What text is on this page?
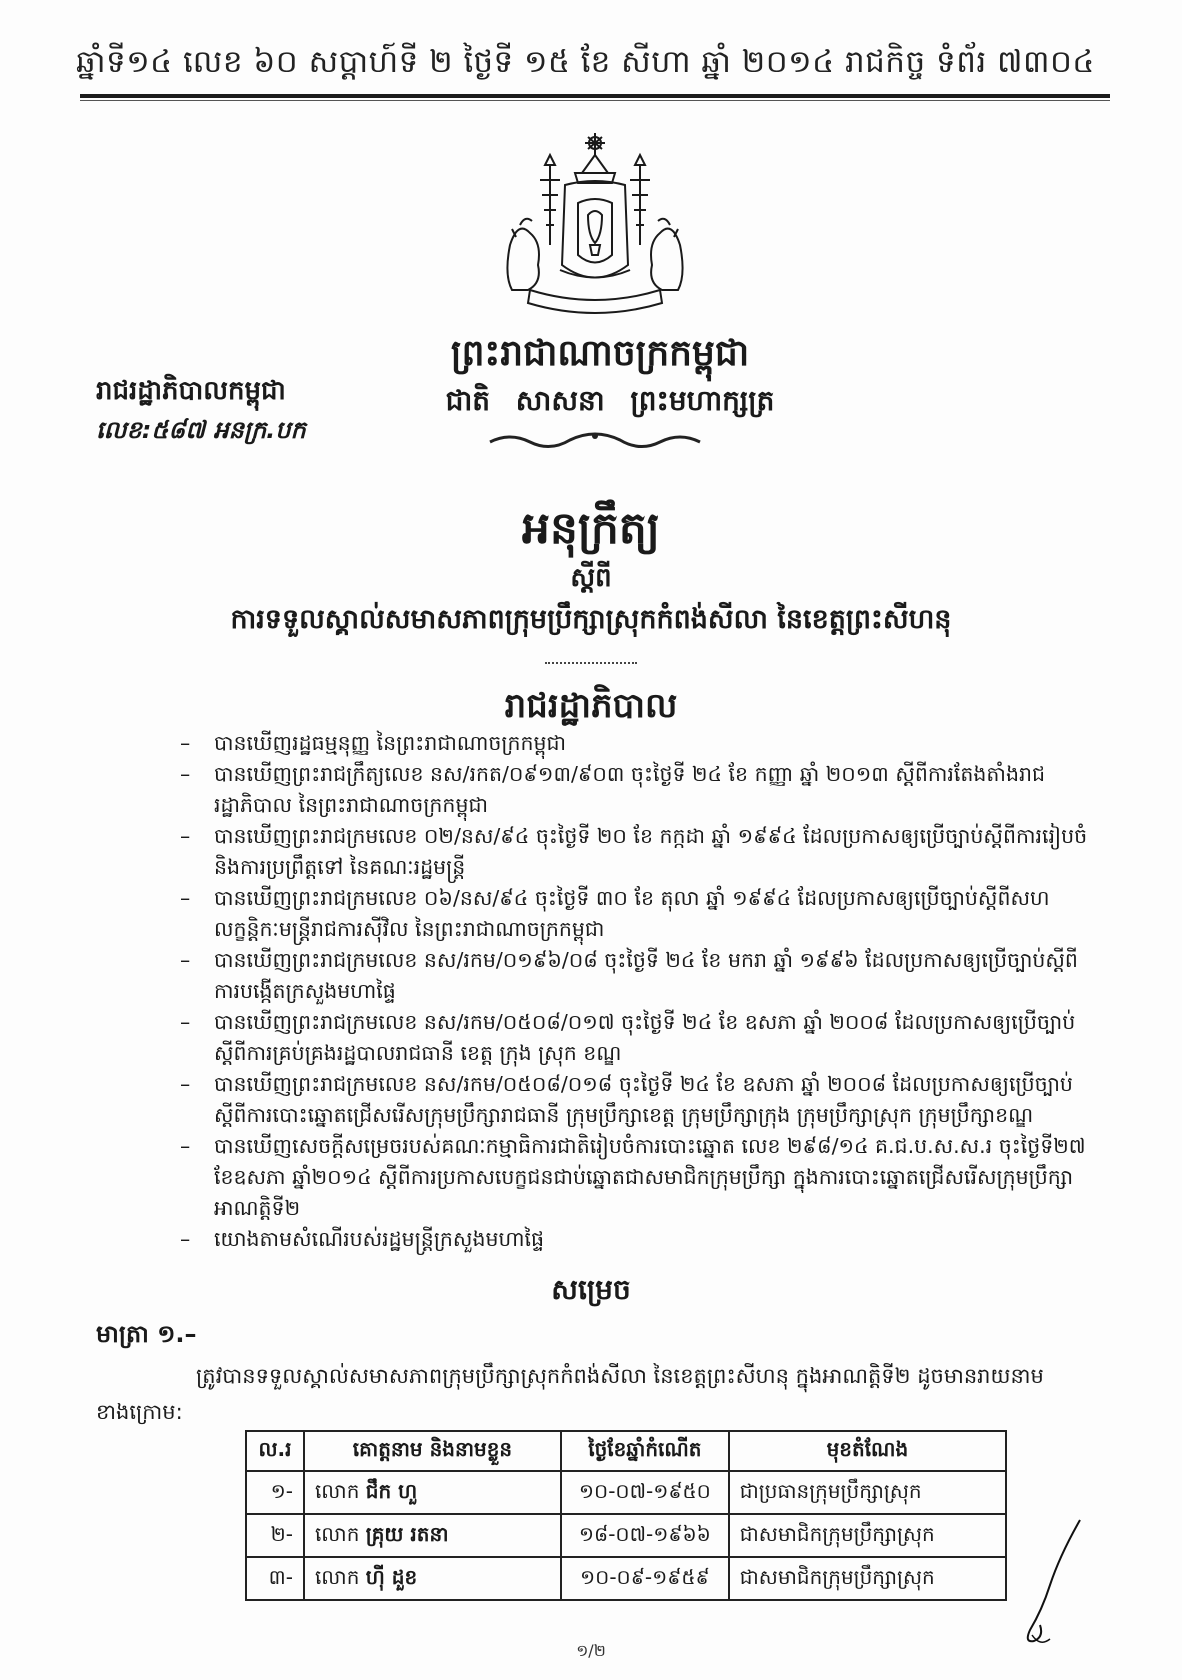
ឆ្នាំទី១៤ លេខ ៦០ សប្តាហ៍ទី ២ ថ្ងៃទី ១៥ ខែ សីហា ឆ្នាំ ២០១៤ រាជកិច្ច ទំព័រ ៧៣០៤
ព្រះរាជាណាចក្រកម្ពុជា
ជាតិ សាសនា ព្រះមហាក្សត្រ
រាជរដ្ឋាភិបាលកម្ពុជា
លេខ:៥៨៧ អនក្រ.បក
អនុក្រឹត្យ
ស្តីពី
ការទទួលស្គាល់សមាសភាពក្រុមប្រឹក្សាស្រុកកំពង់សីលា នៃខេត្តព្រះសីហនុ
រាជរដ្ឋាភិបាល
– បានឃើញរដ្ឋធម្មនុញ្ញ នៃព្រះរាជាណាចក្រកម្ពុជា
– បានឃើញព្រះរាជក្រឹត្យលេខ នស/រកត/០៩១៣/៩០៣ ចុះថ្ងៃទី ២៤ ខែ កញ្ញា ឆ្នាំ ២០១៣ ស្តីពីការតែងតាំងរាជរដ្ឋាភិបាល នៃព្រះរាជាណាចក្រកម្ពុជា
– បានឃើញព្រះរាជក្រមលេខ ០២/នស/៩៤ ចុះថ្ងៃទី ២០ ខែ កក្កដា ឆ្នាំ ១៩៩៤ ដែលប្រកាសឲ្យប្រើច្បាប់ស្តីពីការរៀបចំ និងការប្រព្រឹត្តទៅ នៃគណៈរដ្ឋមន្ត្រី
– បានឃើញព្រះរាជក្រមលេខ ០៦/នស/៩៤ ចុះថ្ងៃទី ៣០ ខែ តុលា ឆ្នាំ ១៩៩៤ ដែលប្រកាសឲ្យប្រើច្បាប់ស្តីពីសហលក្ខន្តិកៈមន្ត្រីរាជការស៊ីវិល នៃព្រះរាជាណាចក្រកម្ពុជា
– បានឃើញព្រះរាជក្រមលេខ នស/រកម/០១៩៦/០៨ ចុះថ្ងៃទី ២៤ ខែ មករា ឆ្នាំ ១៩៩៦ ដែលប្រកាសឲ្យប្រើច្បាប់ស្តីពីការបង្កើតក្រសួងមហាផ្ទៃ
– បានឃើញព្រះរាជក្រមលេខ នស/រកម/០៥០៨/០១៧ ចុះថ្ងៃទី ២៤ ខែ ឧសភា ឆ្នាំ ២០០៨ ដែលប្រកាសឲ្យប្រើច្បាប់ស្តីពីការគ្រប់គ្រងរដ្ឋបាលរាជធានី ខេត្ត ក្រុង ស្រុក ខណ្ឌ
– បានឃើញព្រះរាជក្រមលេខ នស/រកម/០៥០៨/០១៨ ចុះថ្ងៃទី ២៤ ខែ ឧសភា ឆ្នាំ ២០០៨ ដែលប្រកាសឲ្យប្រើច្បាប់ស្តីពីការបោះឆ្នោតជ្រើសរើសក្រុមប្រឹក្សារាជធានី ក្រុមប្រឹក្សាខេត្ត ក្រុមប្រឹក្សាក្រុង ក្រុមប្រឹក្សាស្រុក ក្រុមប្រឹក្សាខណ្ឌ
– បានឃើញសេចក្តីសម្រេចរបស់គណៈកម្មាធិការជាតិរៀបចំការបោះឆ្នោត លេខ ២៩៨/១៤ គ.ជ.ប.ស.ស.រ ចុះថ្ងៃទី២៧ ខែឧសភា ឆ្នាំ២០១៤ ស្តីពីការប្រកាសបេក្ខជនជាប់ឆ្នោតជាសមាជិកក្រុមប្រឹក្សា ក្នុងការបោះឆ្នោតជ្រើសរើសក្រុមប្រឹក្សាអាណត្តិទី២
– យោងតាមសំណើរបស់រដ្ឋមន្ត្រីក្រសួងមហាផ្ទៃ
សម្រេច
មាត្រា ១.–
ត្រូវបានទទួលស្គាល់សមាសភាពក្រុមប្រឹក្សាស្រុកកំពង់សីលា នៃខេត្តព្រះសីហនុ ក្នុងអាណត្តិទី២ ដូចមានរាយនាមខាងក្រោម:
ល.រ	គោត្តនាម និងនាមខ្លួន	ថ្ងៃខែឆ្នាំកំណើត	មុខតំណែង
១-	លោក ជឹក ហួ	១០-០៧-១៩៥០	ជាប្រធានក្រុមប្រឹក្សាស្រុក
២-	លោក គ្រុយ រតនា	១៨-០៧-១៩៦៦	ជាសមាជិកក្រុមប្រឹក្សាស្រុក
៣-	លោក ហ៊ី ដួខ	១០-០៩-១៩៥៩	ជាសមាជិកក្រុមប្រឹក្សាស្រុក
១/២
